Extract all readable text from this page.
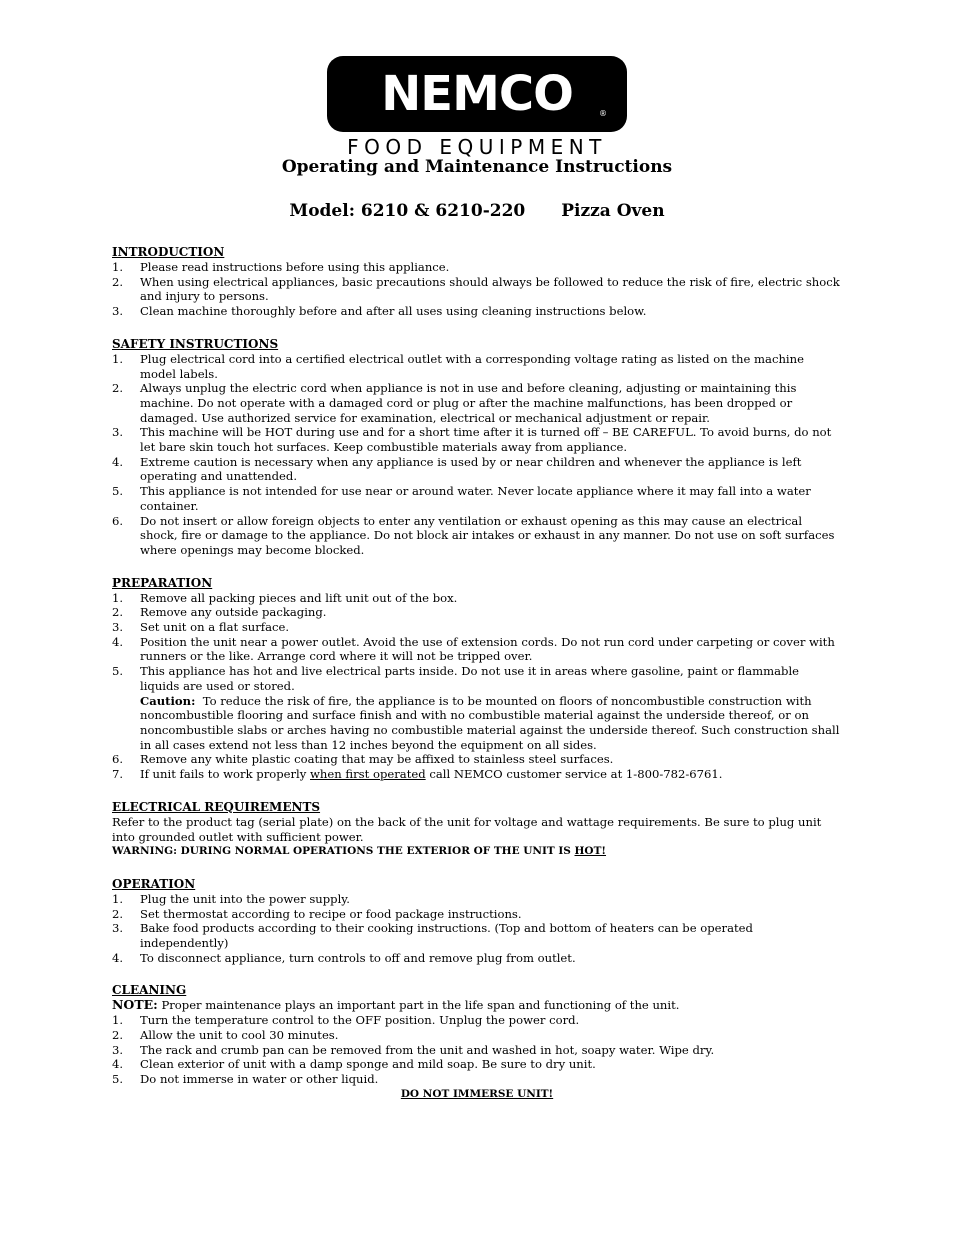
NEMCO	®
FOOD EQUIPMENT
Operating and Maintenance Instructions
Model: 6210 & 6210-220 Pizza Oven
INTRODUCTION
1. Please read instructions before using this appliance.
2. When using electrical appliances, basic precautions should always be followed to reduce the risk of fire, electric shock and injury to persons.
3. Clean machine thoroughly before and after all uses using cleaning instructions below.
SAFETY INSTRUCTIONS
1. Plug electrical cord into a certified electrical outlet with a corresponding voltage rating as listed on the machine model labels.
2. Always unplug the electric cord when appliance is not in use and before cleaning, adjusting or maintaining this machine. Do not operate with a damaged cord or plug or after the machine malfunctions, has been dropped or damaged. Use authorized service for examination, electrical or mechanical adjustment or repair.
3. This machine will be HOT during use and for a short time after it is turned off – BE CAREFUL. To avoid burns, do not let bare skin touch hot surfaces. Keep combustible materials away from appliance.
4. Extreme caution is necessary when any appliance is used by or near children and whenever the appliance is left operating and unattended.
5. This appliance is not intended for use near or around water. Never locate appliance where it may fall into a water container.
6. Do not insert or allow foreign objects to enter any ventilation or exhaust opening as this may cause an electrical shock, fire or damage to the appliance. Do not block air intakes or exhaust in any manner. Do not use on soft surfaces where openings may become blocked.
PREPARATION
1. Remove all packing pieces and lift unit out of the box.
2. Remove any outside packaging.
3. Set unit on a flat surface.
4. Position the unit near a power outlet. Avoid the use of extension cords. Do not run cord under carpeting or cover with runners or the like. Arrange cord where it will not be tripped over.
5. This appliance has hot and live electrical parts inside. Do not use it in areas where gasoline, paint or flammable liquids are used or stored.
Caution: To reduce the risk of fire, the appliance is to be mounted on floors of noncombustible construction with noncombustible flooring and surface finish and with no combustible material against the underside thereof, or on noncombustible slabs or arches having no combustible material against the underside thereof. Such construction shall in all cases extend not less than 12 inches beyond the equipment on all sides.
6. Remove any white plastic coating that may be affixed to stainless steel surfaces.
7. If unit fails to work properly when first operated call NEMCO customer service at 1-800-782-6761.
ELECTRICAL REQUIREMENTS
Refer to the product tag (serial plate) on the back of the unit for voltage and wattage requirements. Be sure to plug unit into grounded outlet with sufficient power.
WARNING: DURING NORMAL OPERATIONS THE EXTERIOR OF THE UNIT IS HOT!
OPERATION
1. Plug the unit into the power supply.
2. Set thermostat according to recipe or food package instructions.
3. Bake food products according to their cooking instructions. (Top and bottom of heaters can be operated independently)
4. To disconnect appliance, turn controls to off and remove plug from outlet.
CLEANING
NOTE: Proper maintenance plays an important part in the life span and functioning of the unit.
1. Turn the temperature control to the OFF position. Unplug the power cord.
2. Allow the unit to cool 30 minutes.
3. The rack and crumb pan can be removed from the unit and washed in hot, soapy water. Wipe dry.
4. Clean exterior of unit with a damp sponge and mild soap. Be sure to dry unit.
5. Do not immerse in water or other liquid.
DO NOT IMMERSE UNIT!
